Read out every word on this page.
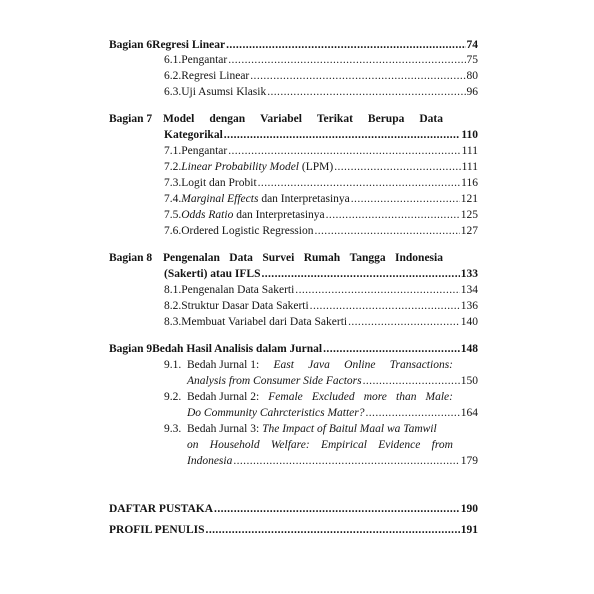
Bagian 6 Regresi Linear .....	74
6.1. Pengantar .....	75
6.2. Regresi Linear .....	80
6.3. Uji Asumsi Klasik .....	96
Bagian 7 Model dengan Variabel Terikat Berupa Data
Kategorikal .....	110
7.1. Pengantar .....	111
7.2. Linear Probability Model (LPM) .....	111
7.3. Logit dan Probit .....	116
7.4. Marginal Effects dan Interpretasinya .....	121
7.5. Odds Ratio dan Interpretasinya .....	125
7.6. Ordered Logistic Regression .....	127
Bagian 8 Pengenalan Data Survei Rumah Tangga Indonesia
(Sakerti) atau IFLS .....	133
8.1. Pengenalan Data Sakerti .....	134
8.2. Struktur Dasar Data Sakerti .....	136
8.3. Membuat Variabel dari Data Sakerti .....	140
Bagian 9 Bedah Hasil Analisis dalam Jurnal .....	148
9.1. Bedah Jurnal 1: East Java Online Transactions:
Analysis from Consumer Side Factors .....	150
9.2. Bedah Jurnal 2: Female Excluded more than Male:
Do Community Cahrcteristics Matter? .....	164
9.3. Bedah Jurnal 3: The Impact of Baitul Maal wa Tamwil
on Household Welfare: Empirical Evidence from
Indonesia .....	179
DAFTAR PUSTAKA .....	190
PROFIL PENULIS .....	191
